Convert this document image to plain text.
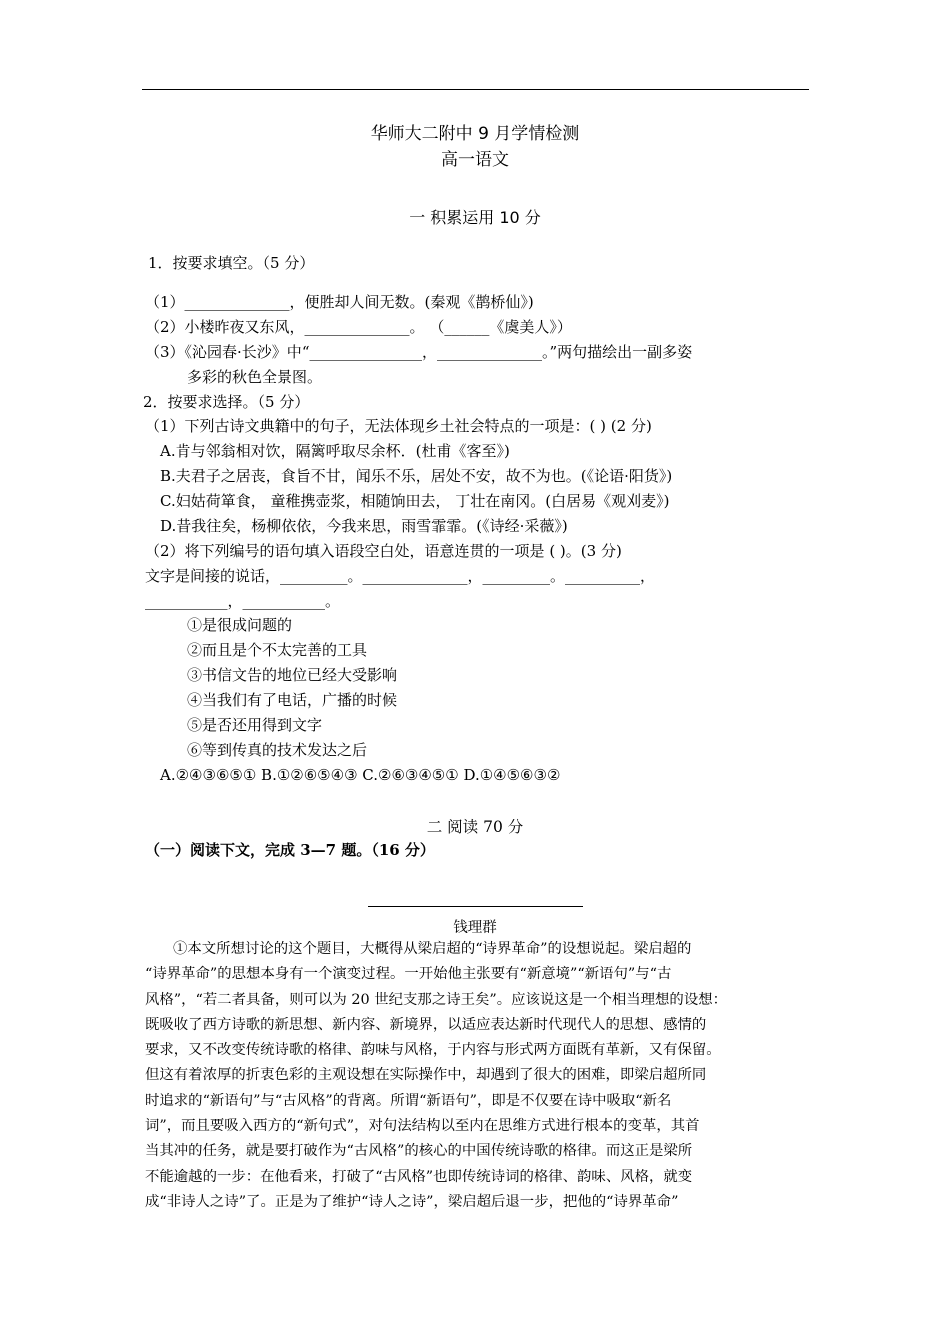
华师大二附中 9 月学情检测
高一语文
一 积累运用 10 分
1．按要求填空。（5 分）
（1）______________，便胜却人间无数。(秦观《鹊桥仙》)
（2）小楼昨夜又东风，______________。 （______《虞美人》）
（3）《沁园春·长沙》中“_______________，______________。”两句描绘出一副多姿
多彩的秋色全景图。
2．按要求选择。（5 分）
（1）下列古诗文典籍中的句子，无法体现乡土社会特点的一项是：( ) (2 分)
A.肯与邻翁相对饮，隔篱呼取尽余杯．(杜甫《客至》)
B.夫君子之居丧，食旨不甘，闻乐不乐，居处不安，故不为也。(《论语·阳货》)
C.妇姑荷箪食， 童稚携壶浆，相随饷田去， 丁壮在南冈。(白居易《观刈麦》)
D.昔我往矣，杨柳依依，今我来思，雨雪霏霏。(《诗经·采薇》)
（2）将下列编号的语句填入语段空白处，语意连贯的一项是 ( )。(3 分)
文字是间接的说话，_________。______________，_________。__________，
___________，___________。
①是很成问题的
②而且是个不太完善的工具
③书信文告的地位已经大受影响
④当我们有了电话，广播的时候
⑤是否还用得到文字
⑥等到传真的技术发达之后
A.②④③⑥⑤① B.①②⑥⑤④③ C.②⑥③④⑤① D.①④⑤⑥③②
二 阅读 70 分
（一）阅读下文，完成 3—7 题。（16 分）
钱理群
①本文所想讨论的这个题目，大概得从梁启超的“诗界革命”的设想说起。梁启超的
“诗界革命”的思想本身有一个演变过程。一开始他主张要有“新意境”“新语句”与“古
风格”，“若二者具备，则可以为 20 世纪支那之诗王矣”。应该说这是一个相当理想的设想：
既吸收了西方诗歌的新思想、新内容、新境界，以适应表达新时代现代人的思想、感情的
要求，又不改变传统诗歌的格律、韵味与风格，于内容与形式两方面既有革新，又有保留。
但这有着浓厚的折衷色彩的主观设想在实际操作中，却遇到了很大的困难，即梁启超所同
时追求的“新语句”与“古风格”的背离。所谓“新语句”，即是不仅要在诗中吸取“新名
词”，而且要吸入西方的“新句式”，对句法结构以至内在思维方式进行根本的变革，其首
当其冲的任务，就是要打破作为“古风格”的核心的中国传统诗歌的格律。而这正是梁所
不能逾越的一步：在他看来，打破了“古风格”也即传统诗词的格律、韵味、风格，就变
成“非诗人之诗”了。正是为了维护“诗人之诗”，梁启超后退一步，把他的“诗界革命”
